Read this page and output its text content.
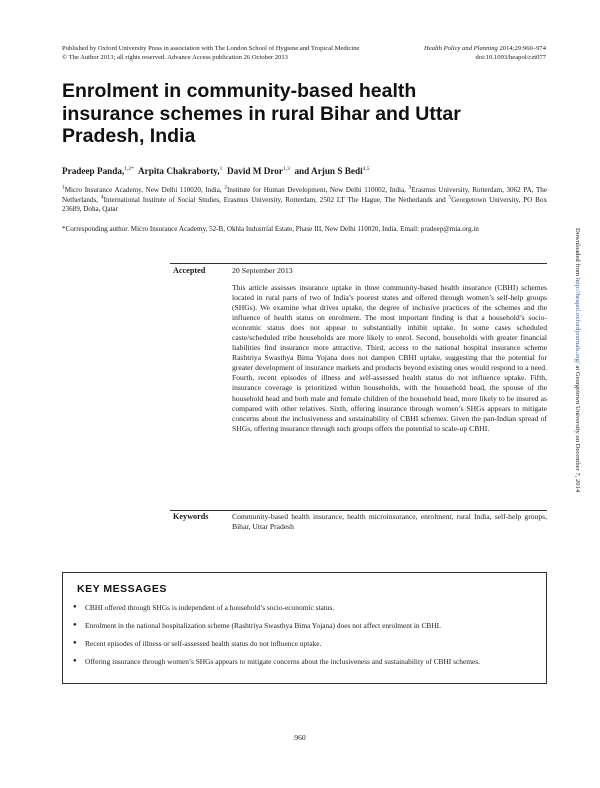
Published by Oxford University Press in association with The London School of Hygiene and Tropical Medicine
© The Author 2013; all rights reserved. Advance Access publication 26 October 2013
Health Policy and Planning 2014;29:960–974
doi:10.1093/heapol/czt077
Enrolment in community-based health insurance schemes in rural Bihar and Uttar Pradesh, India
Pradeep Panda,$^{1,2*}$ Arpita Chakraborty,$^1$ David M Dror$^{1,3}$ and Arjun S Bedi$^{4,5}$
$^1$Micro Insurance Academy, New Delhi 110020, India, $^2$Institute for Human Development, New Delhi 110002, India, $^3$Erasmus University, Rotterdam, 3062 PA, The Netherlands, $^4$International Institute of Social Studies, Erasmus University, Rotterdam, 2502 LT The Hague, The Netherlands and $^5$Georgetown University, PO Box 23689, Doha, Qatar
*Corresponding author. Micro Insurance Academy, 52-B, Okhla Industrial Estate, Phase III, New Delhi 110020, India. Email: pradeep@mia.org.in
Accepted	20 September 2013
This article assesses insurance uptake in three community-based health insurance (CBHI) schemes located in rural parts of two of India’s poorest states and offered through women’s self-help groups (SHGs). We examine what drives uptake, the degree of inclusive practices of the schemes and the influence of health status on enrolment. The most important finding is that a household’s socio-economic status does not appear to substantially inhibit uptake. In some cases scheduled caste/scheduled tribe households are more likely to enrol. Second, households with greater financial liabilities find insurance more attractive. Third, access to the national hospital insurance scheme Rashtriya Swasthya Bima Yojana does not dampen CBHI uptake, suggesting that the potential for greater development of insurance markets and products beyond existing ones would respond to a need. Fourth, recent episodes of illness and self-assessed health status do not influence uptake. Fifth, insurance coverage is prioritized within households, with the household head, the spouse of the household head and both male and female children of the household head, more likely to be insured as compared with other relatives. Sixth, offering insurance through women’s SHGs appears to mitigate concerns about the inclusiveness and sustainability of CBHI schemes. Given the pan-Indian spread of SHGs, offering insurance through such groups offers the potential to scale-up CBHI.
Keywords	Community-based health insurance, health microinsurance, enrolment, rural India, self-help groups, Bihar, Uttar Pradesh
KEY MESSAGES
● CBHI offered through SHGs is independent of a household’s socio-economic status.
● Enrolment in the national hospitalization scheme (Rashtriya Swasthya Bima Yojana) does not affect enrolment in CBHI.
● Recent episodes of illness or self-assessed health status do not influence uptake.
● Offering insurance through women’s SHGs appears to mitigate concerns about the inclusiveness and sustainability of CBHI schemes.
960
Downloaded from http://heapol.oxfordjournals.org/ at Georgetown University on December 7, 2014
